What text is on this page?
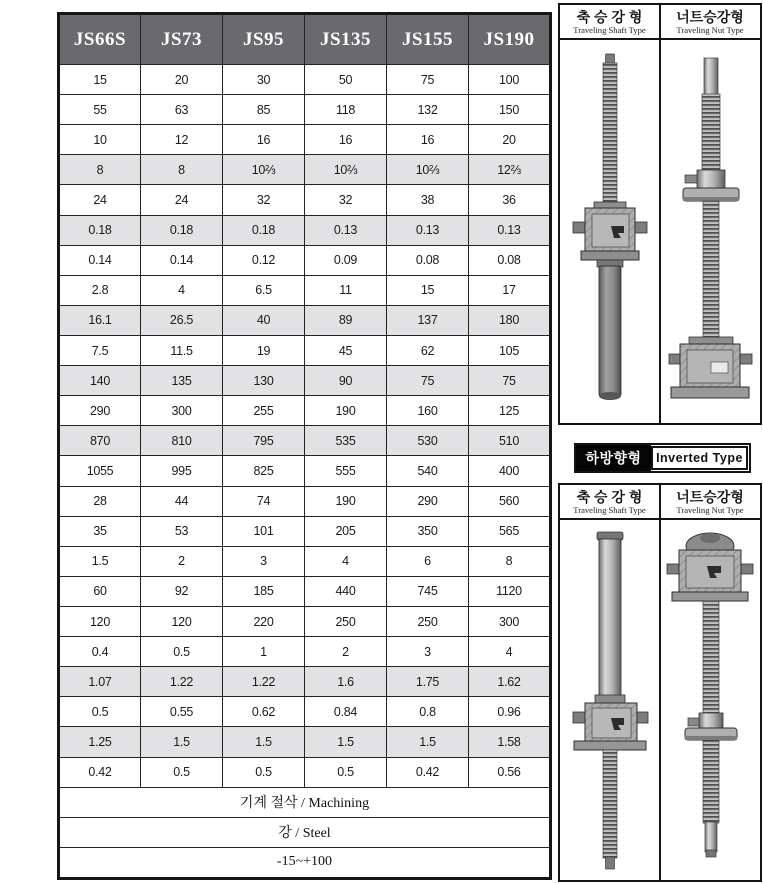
JS66S	JS73	JS95	JS135	JS155	JS190
15	20	30	50	75	100
55	63	85	118	132	150
10	12	16	16	16	20
8	8	10⅔	10⅔	10⅔	12⅔
24	24	32	32	38	36
0.18	0.18	0.18	0.13	0.13	0.13
0.14	0.14	0.12	0.09	0.08	0.08
2.8	4	6.5	11	15	17
16.1	26.5	40	89	137	180
7.5	11.5	19	45	62	105
140	135	130	90	75	75
290	300	255	190	160	125
870	810	795	535	530	510
1055	995	825	555	540	400
28	44	74	190	290	560
35	53	101	205	350	565
1.5	2	3	4	6	8
60	92	185	440	745	1120
120	120	220	250	250	300
0.4	0.5	1	2	3	4
1.07	1.22	1.22	1.6	1.75	1.62
0.5	0.55	0.62	0.84	0.8	0.96
1.25	1.5	1.5	1.5	1.5	1.58
0.42	0.5	0.5	0.5	0.42	0.56
기계 절삭 / Machining					
강 / Steel					
-15~+100					
축 승 강 형
Traveling Shaft Type
너트승강형
Traveling Nut Type
하방향형	Inverted Type
축 승 강 형
Traveling Shaft Type
너트승강형
Traveling Nut Type
